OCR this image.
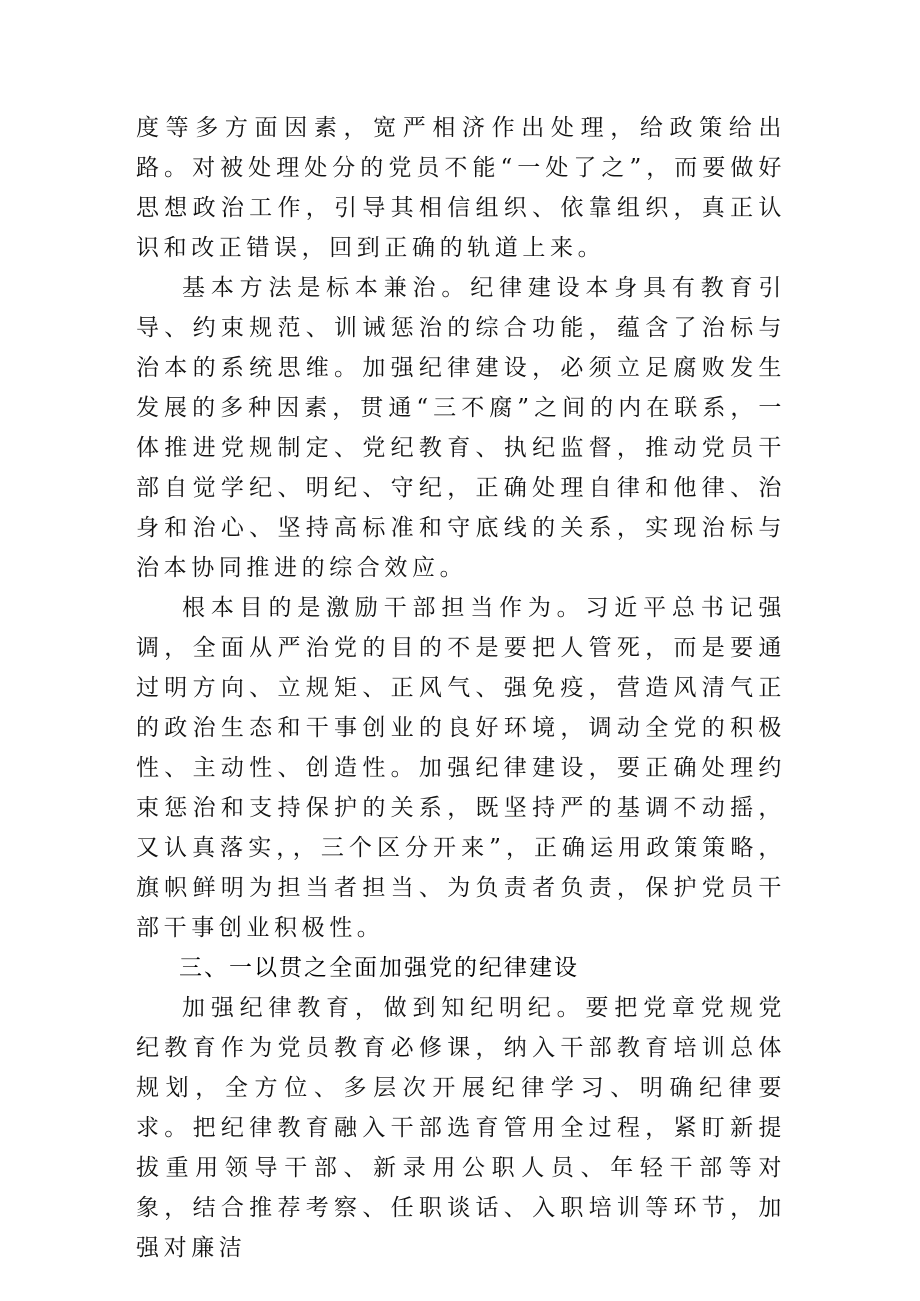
度等多方面因素，宽严相济作出处理，给政策给出路。对被处理处分的党员不能“一处了之”，而要做好思想政治工作，引导其相信组织、依靠组织，真正认识和改正错误，回到正确的轨道上来。

基本方法是标本兼治。纪律建设本身具有教育引导、约束规范、训诫惩治的综合功能，蕴含了治标与治本的系统思维。加强纪律建设，必须立足腐败发生发展的多种因素，贯通“三不腐”之间的内在联系，一体推进党规制定、党纪教育、执纪监督，推动党员干部自觉学纪、明纪、守纪，正确处理自律和他律、治身和治心、坚持高标准和守底线的关系，实现治标与治本协同推进的综合效应。

根本目的是激励干部担当作为。习近平总书记强调，全面从严治党的目的不是要把人管死，而是要通过明方向、立规矩、正风气、强免疫，营造风清气正的政治生态和干事创业的良好环境，调动全党的积极性、主动性、创造性。加强纪律建设，要正确处理约束惩治和支持保护的关系，既坚持严的基调不动摇，又认真落实，，三个区分开来”，正确运用政策策略，旗帜鲜明为担当者担当、为负责者负责，保护党员干部干事创业积极性。

三、一以贯之全面加强党的纪律建设

加强纪律教育，做到知纪明纪。要把党章党规党纪教育作为党员教育必修课，纳入干部教育培训总体规划，全方位、多层次开展纪律学习、明确纪律要求。把纪律教育融入干部选育管用全过程，紧盯新提拔重用领导干部、新录用公职人员、年轻干部等对象，结合推荐考察、任职谈话、入职培训等环节，加强对廉洁
